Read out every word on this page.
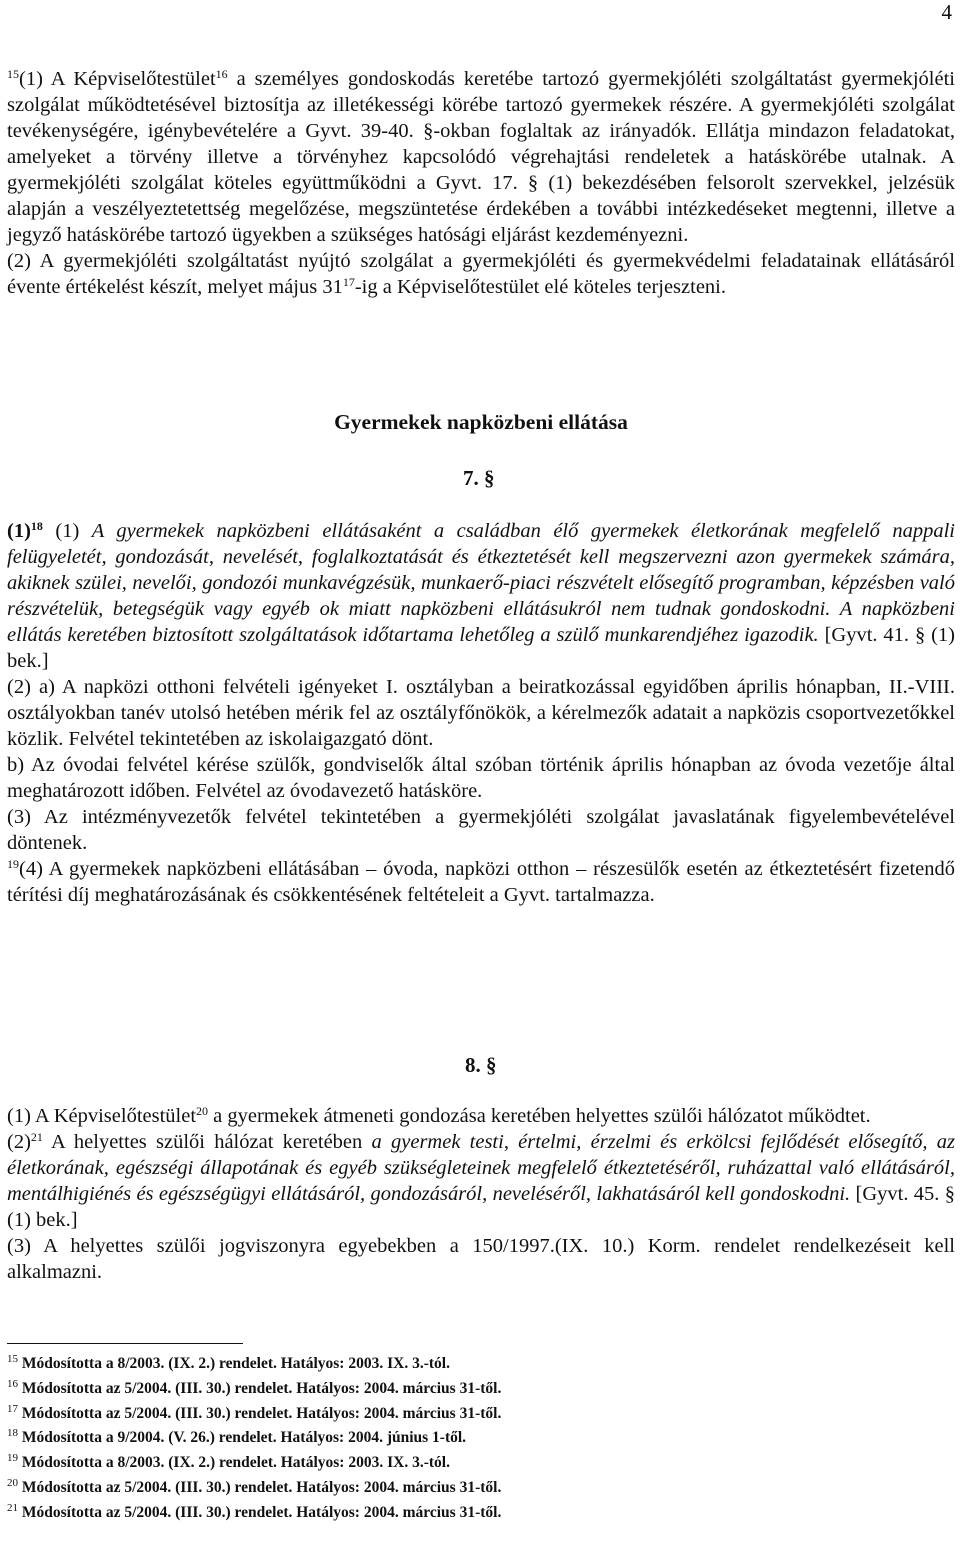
4

$^{15}$(1) A Képviselőtestület$^{16}$ a személyes gondoskodás keretébe tartozó gyermekjóléti szolgáltatást gyermekjóléti szolgálat működtetésével biztosítja az illetékességi körébe tartozó gyermekek részére. A gyermekjóléti szolgálat tevékenységére, igénybevételére a Gyvt. 39-40. §-okban foglaltak az irányadók. Ellátja mindazon feladatokat, amelyeket a törvény illetve a törvényhez kapcsolódó végrehajtási rendeletek a hatáskörébe utalnak. A gyermekjóléti szolgálat köteles együttműködni a Gyvt. 17. § (1) bekezdésében felsorolt szervekkel, jelzésük alapján a veszélyeztetettség megelőzése, megszüntetése érdekében a további intézkedéseket megtenni, illetve a jegyző hatáskörébe tartozó ügyekben a szükséges hatósági eljárást kezdeményezni.

(2) A gyermekjóléti szolgáltatást nyújtó szolgálat a gyermekjóléti és gyermekvédelmi feladatainak ellátásáról évente értékelést készít, melyet május $31^{17}-ig$ a Képviselőtestület elé köteles terjeszteni.

Gyermekek napközbeni ellátása
7. §

$(1)^{18}$ (1) A gyermekek napközbeni ellátásaként a családban élő gyermekek életkorának megfelelő nappali felügyeletét, gondozását, nevelését, foglalkoztatását és étkeztetését kell megszervezni azon gyermekek számára, akiknek szülei, nevelői, gondozói munkavégzésük, munkaerő-piaci részvételt elősegítő programban, képzésben való részvételük, betegségük vagy egyéb ok miatt napközbeni ellátásukról nem tudnak gondoskodni. A napközbeni ellátás keretében biztosított szolgáltatások időtartama lehetőleg a szülő munkarendjéhez igazodik. [Gyvt. 41. § (1) bek.]

(2) a) A napközi otthoni felvételi igényeket I. osztályban a beiratkozással egyidőben április hónapban, II.-VIII. osztályokban tanév utolsó hetében mérik fel az osztályfőnökök, a kérelmezők adatait a napközis csoportvezetőkkel közlik. Felvétel tekintetében az iskolaigazgató dönt.

b) Az óvodai felvétel kérése szülők, gondviselők által szóban történik április hónapban az óvoda vezetője által meghatározott időben. Felvétel az óvodavezető hatásköre.

(3) Az intézményvezetők felvétel tekintetében a gyermekjóléti szolgálat javaslatának figyelembevételével döntenek.

$^{19}$(4) A gyermekek napközbeni ellátásában – óvoda, napközi otthon – részesülők esetén az étkeztetésért fizetendő térítési díj meghatározásának és csökkentésének feltételeit a Gyvt. tartalmazza.

8. §

(1) A Képviselőtestület$^{20}$ a gyermekek átmeneti gondozása keretében helyettes szülői hálózatot működtet.

$(2)^{21}$ A helyettes szülői hálózat keretében a gyermek testi, értelmi, érzelmi és erkölcsi fejlődését elősegítő, az életkorának, egészségi állapotának és egyéb szükségleteinek megfelelő étkeztetéséről, ruházattal való ellátásáról, mentálhigiénés és egészségügyi ellátásáról, gondozásáról, neveléséről, lakhatásáról kell gondoskodni. [Gyvt. 45. § (1) bek.]

(3) A helyettes szülői jogviszonyra egyebekben a 150/1997.(IX. 10.) Korm. rendelet rendelkezéseit kell alkalmazni.

$^{15}$ Módosította a 8/2003. (IX. 2.) rendelet. Hatályos: 2003. IX. 3.-tól.
$^{16}$ Módosította az 5/2004. (III. 30.) rendelet. Hatályos: 2004. március 31-től.
$^{17}$ Módosította az 5/2004. (III. 30.) rendelet. Hatályos: 2004. március 31-től.
$^{18}$ Módosította a 9/2004. (V. 26.) rendelet. Hatályos: 2004. június 1-től.
$^{19}$ Módosította a 8/2003. (IX. 2.) rendelet. Hatályos: 2003. IX. 3.-tól.
$^{20}$ Módosította az 5/2004. (III. 30.) rendelet. Hatályos: 2004. március 31-től.
$^{21}$ Módosította az 5/2004. (III. 30.) rendelet. Hatályos: 2004. március 31-től.
